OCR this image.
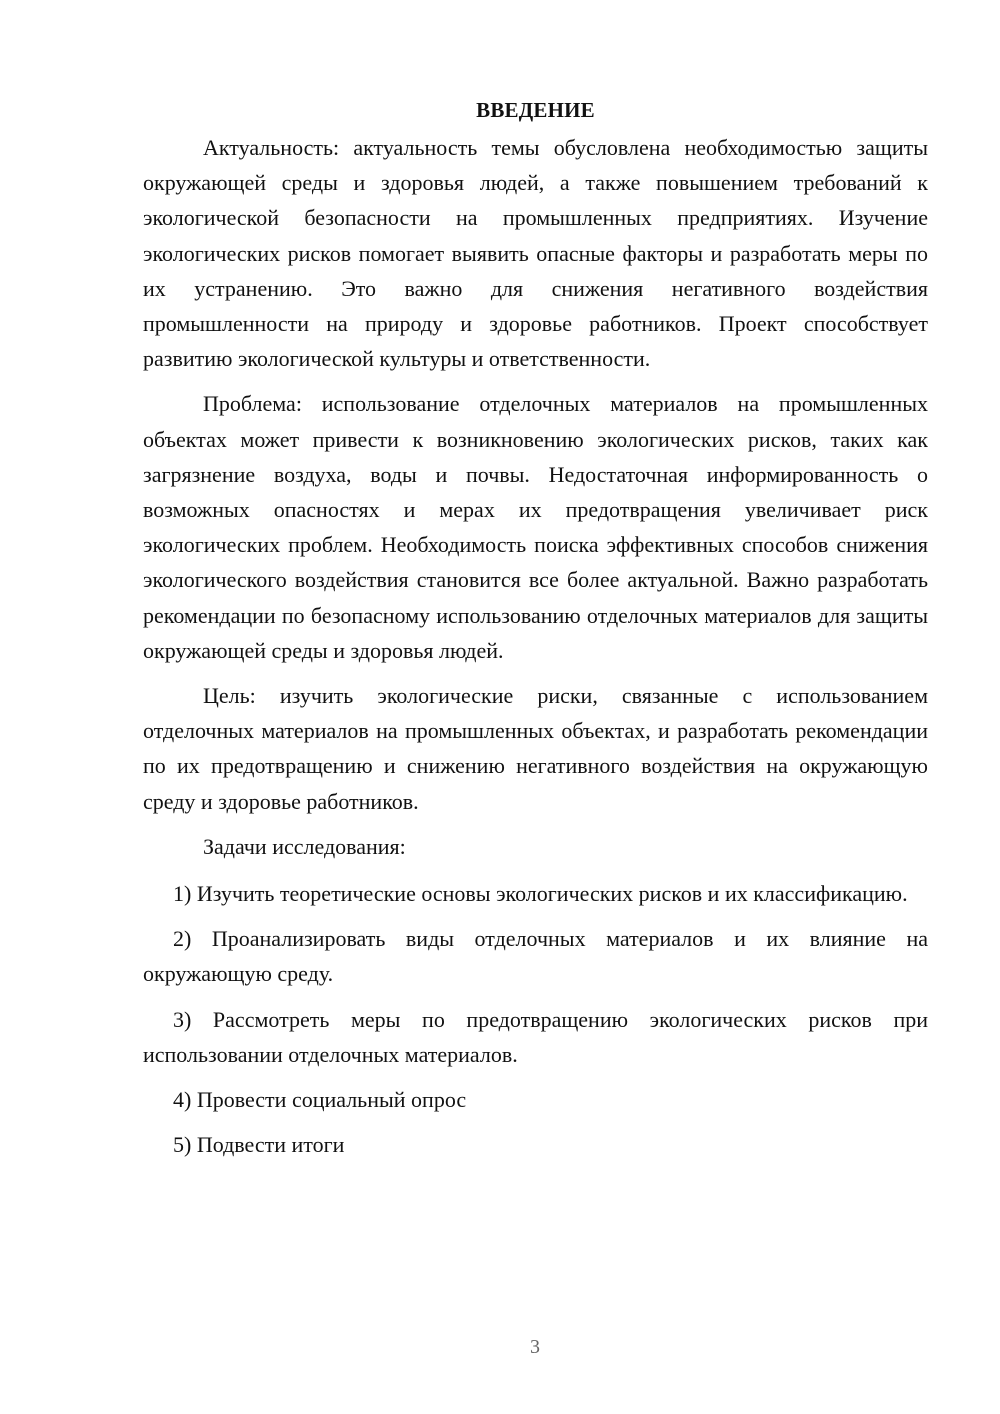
ВВЕДЕНИЕ

Актуальность: актуальность темы обусловлена необходимостью защиты окружающей среды и здоровья людей, а также повышением требований к экологической безопасности на промышленных предприятиях. Изучение экологических рисков помогает выявить опасные факторы и разработать меры по их устранению. Это важно для снижения негативного воздействия промышленности на природу и здоровье работников. Проект способствует развитию экологической культуры и ответственности.

Проблема: использование отделочных материалов на промышленных объектах может привести к возникновению экологических рисков, таких как загрязнение воздуха, воды и почвы. Недостаточная информированность о возможных опасностях и мерах их предотвращения увеличивает риск экологических проблем. Необходимость поиска эффективных способов снижения экологического воздействия становится все более актуальной. Важно разработать рекомендации по безопасному использованию отделочных материалов для защиты окружающей среды и здоровья людей.

Цель: изучить экологические риски, связанные с использованием отделочных материалов на промышленных объектах, и разработать рекомендации по их предотвращению и снижению негативного воздействия на окружающую среду и здоровье работников.

Задачи исследования:

1) Изучить теоретические основы экологических рисков и их классификацию.

2) Проанализировать виды отделочных материалов и их влияние на окружающую среду.

3) Рассмотреть меры по предотвращению экологических рисков при использовании отделочных материалов.

4) Провести социальный опрос

5) Подвести итоги

3
